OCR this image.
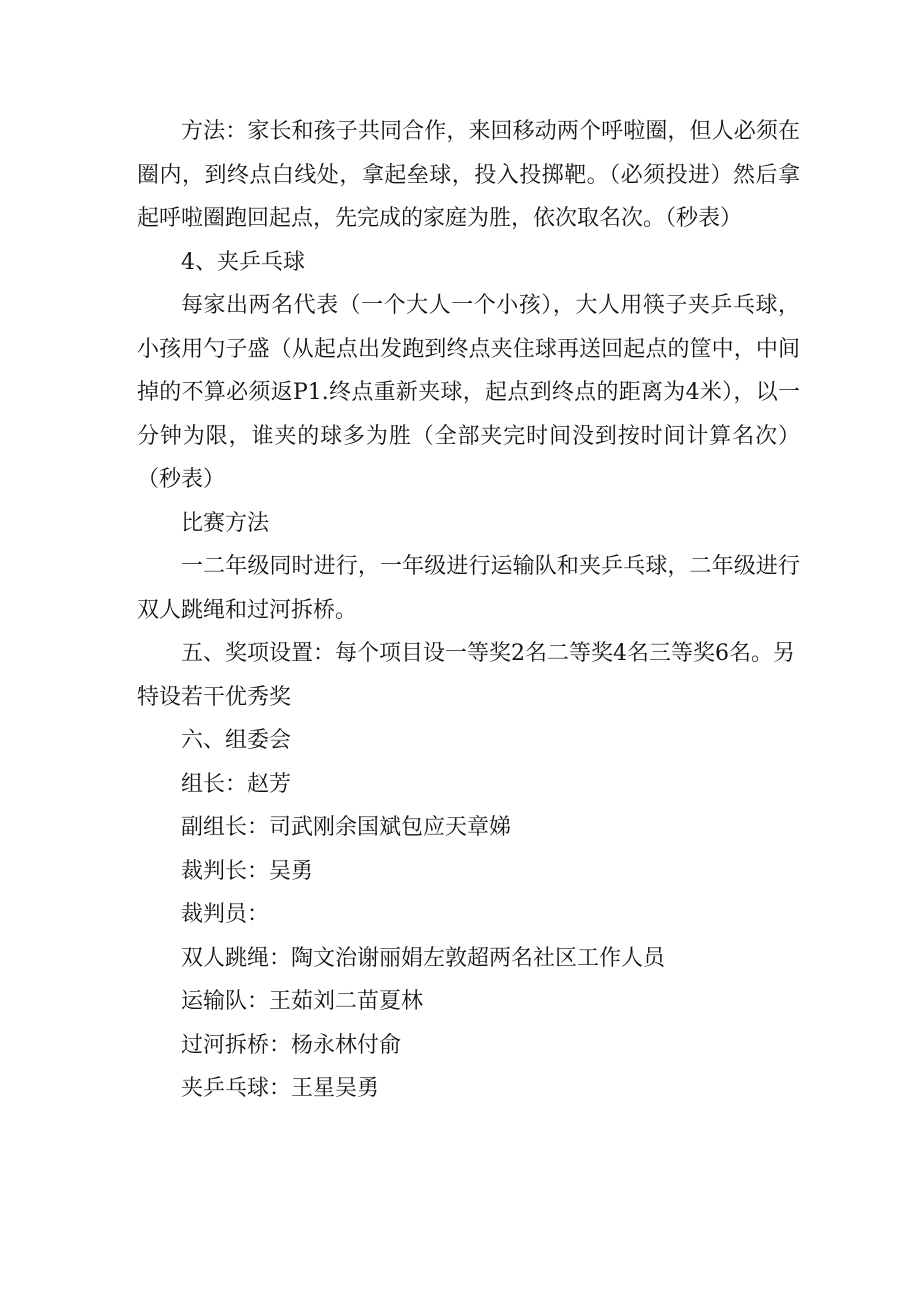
方法：家长和孩子共同合作，来回移动两个呼啦圈，但人必须在圈内，到终点白线处，拿起垒球，投入投掷靶。（必须投进）然后拿起呼啦圈跑回起点，先完成的家庭为胜，依次取名次。（秒表）

4、夹乒乓球

每家出两名代表（一个大人一个小孩），大人用筷子夹乒乓球，小孩用勺子盛（从起点出发跑到终点夹住球再送回起点的筐中，中间掉的不算必须返P1.终点重新夹球，起点到终点的距离为4米），以一分钟为限，谁夹的球多为胜（全部夹完时间没到按时间计算名次）（秒表）

比赛方法

一二年级同时进行，一年级进行运输队和夹乒乓球，二年级进行双人跳绳和过河拆桥。

五、奖项设置：每个项目设一等奖2名二等奖4名三等奖6名。另特设若干优秀奖

六、组委会

组长：赵芳

副组长：司武刚余国斌包应天章娣

裁判长：吴勇

裁判员：

双人跳绳：陶文治谢丽娟左敦超两名社区工作人员

运输队：王茹刘二苗夏林

过河拆桥：杨永林付俞

夹乒乓球：王星吴勇
